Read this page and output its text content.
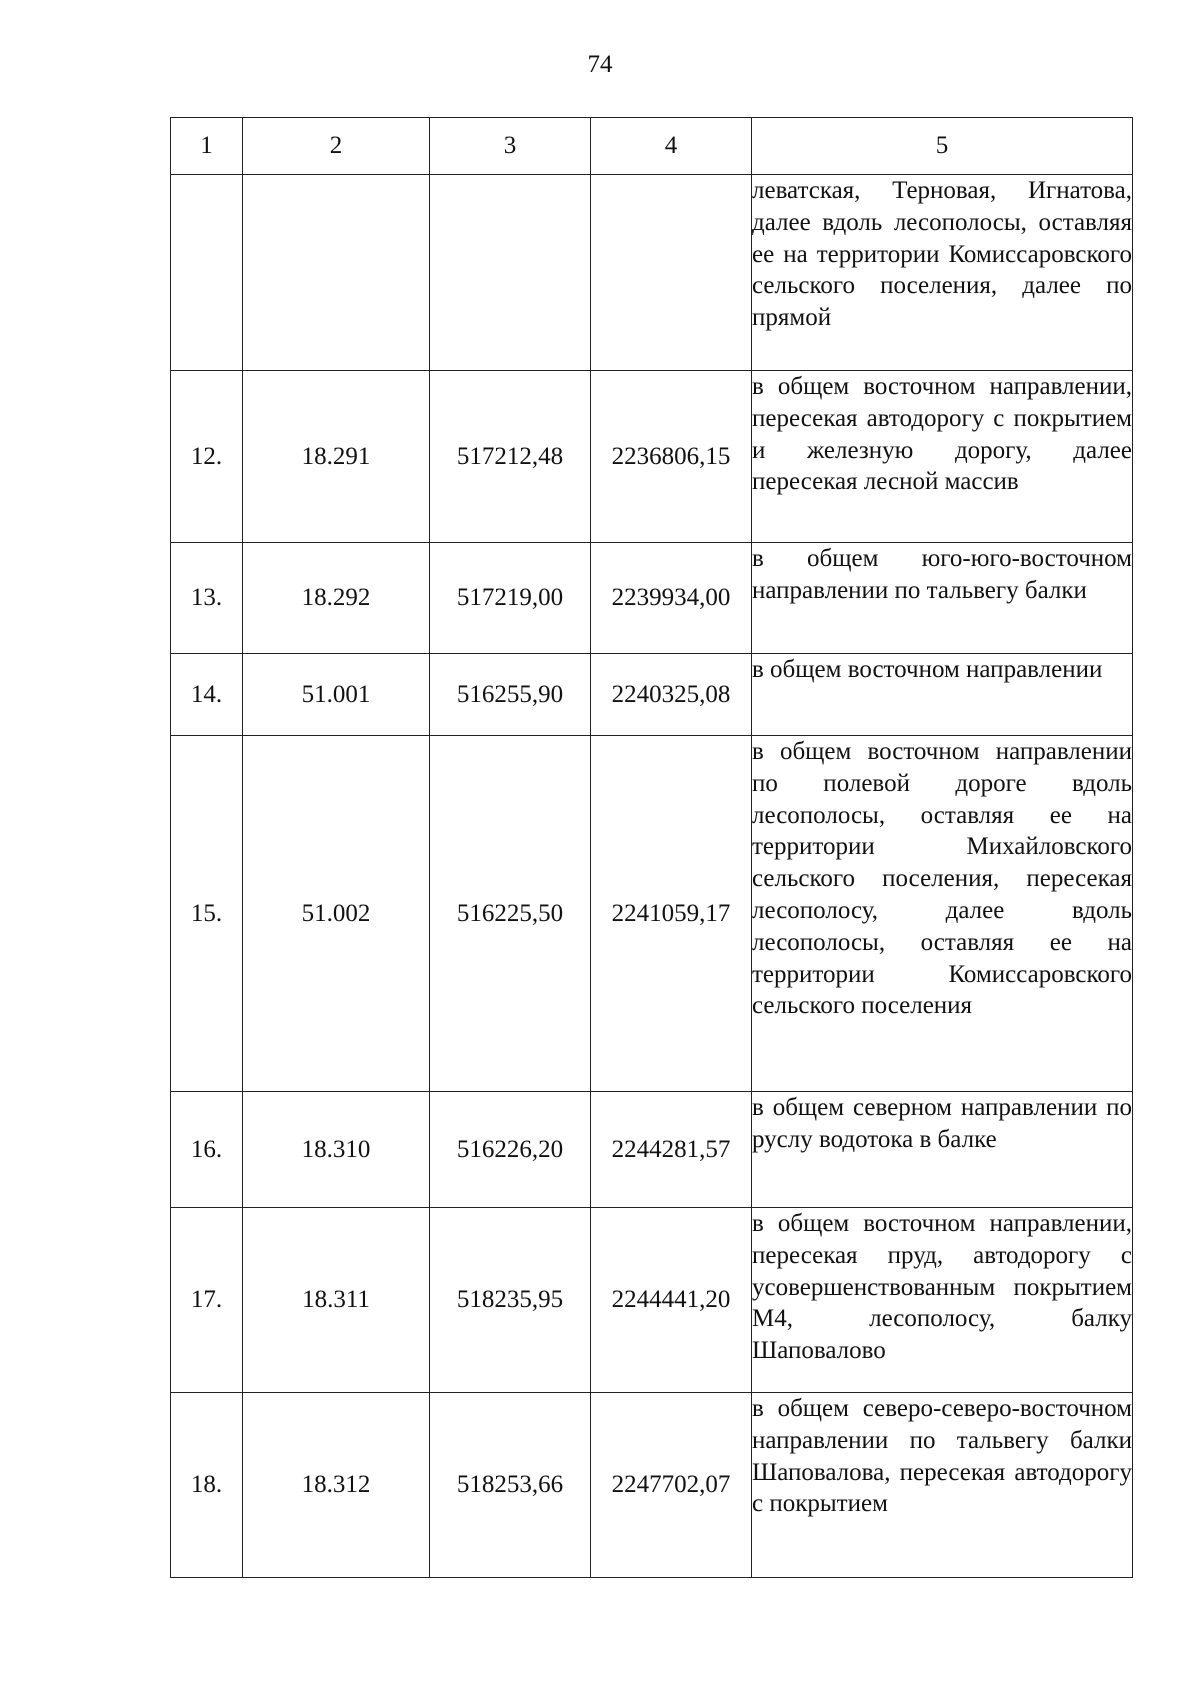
74
1	2	3	4	5
				леватская, Терновая, Игнатова, далее вдоль лесополосы, оставляя ее на территории Комиссаровского сельского поселения, далее по прямой
12.	18.291	517212,48	2236806,15	в общем восточном направлении, пересекая автодорогу с покрытием и железную дорогу, далее пересекая лесной массив
13.	18.292	517219,00	2239934,00	в общем юго-юго-восточном направлении по тальвегу балки
14.	51.001	516255,90	2240325,08	в общем восточном направлении
15.	51.002	516225,50	2241059,17	в общем восточном направлении по полевой дороге вдоль лесополосы, оставляя ее на территории Михайловского сельского поселения, пересекая лесополосу, далее вдоль лесополосы, оставляя ее на территории Комиссаровского сельского поселения
16.	18.310	516226,20	2244281,57	в общем северном направлении по руслу водотока в балке
17.	18.311	518235,95	2244441,20	в общем восточном направлении, пересекая пруд, автодорогу с усовершенствованным покрытием М4, лесополосу, балку Шаповалово
18.	18.312	518253,66	2247702,07	в общем северо-северо-восточном направлении по тальвегу балки Шаповалова, пересекая автодорогу с покрытием
